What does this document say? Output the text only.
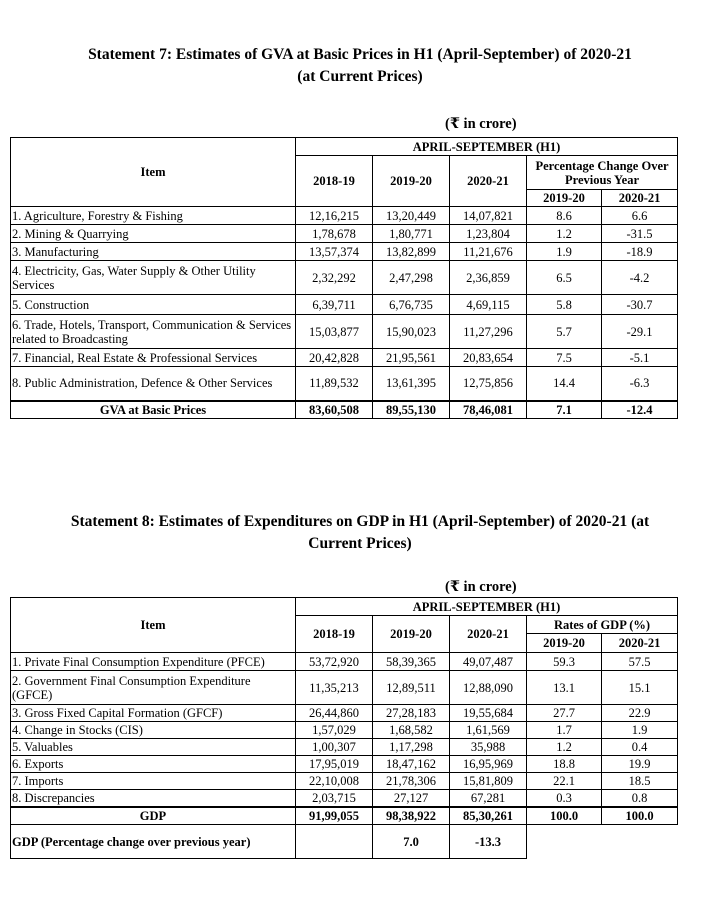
Statement 7: Estimates of GVA at Basic Prices in H1 (April-September) of 2020-21
(at Current Prices)
(₹ in crore)
Item	APRIL-SEPTEMBER (H1)				
	2018-19	2019-20	2020-21	Percentage Change Over Previous Year	
				2019-20	2020-21
1. Agriculture, Forestry & Fishing	12,16,215	13,20,449	14,07,821	8.6	6.6
2. Mining & Quarrying	1,78,678	1,80,771	1,23,804	1.2	-31.5
3. Manufacturing	13,57,374	13,82,899	11,21,676	1.9	-18.9
4. Electricity, Gas, Water Supply & Other Utility Services	2,32,292	2,47,298	2,36,859	6.5	-4.2
5. Construction	6,39,711	6,76,735	4,69,115	5.8	-30.7
6. Trade, Hotels, Transport, Communication & Services related to Broadcasting	15,03,877	15,90,023	11,27,296	5.7	-29.1
7. Financial, Real Estate & Professional Services	20,42,828	21,95,561	20,83,654	7.5	-5.1
8. Public Administration, Defence & Other Services	11,89,532	13,61,395	12,75,856	14.4	-6.3
GVA at Basic Prices	83,60,508	89,55,130	78,46,081	7.1	-12.4
Statement 8: Estimates of Expenditures on GDP in H1 (April-September) of 2020-21 (at
Current Prices)
(₹ in crore)
Item	APRIL-SEPTEMBER (H1)				
	2018-19	2019-20	2020-21	Rates of GDP (%)	
				2019-20	2020-21
1. Private Final Consumption Expenditure (PFCE)	53,72,920	58,39,365	49,07,487	59.3	57.5
2. Government Final Consumption Expenditure (GFCE)	11,35,213	12,89,511	12,88,090	13.1	15.1
3. Gross Fixed Capital Formation (GFCF)	26,44,860	27,28,183	19,55,684	27.7	22.9
4. Change in Stocks (CIS)	1,57,029	1,68,582	1,61,569	1.7	1.9
5. Valuables	1,00,307	1,17,298	35,988	1.2	0.4
6. Exports	17,95,019	18,47,162	16,95,969	18.8	19.9
7. Imports	22,10,008	21,78,306	15,81,809	22.1	18.5
8. Discrepancies	2,03,715	27,127	67,281	0.3	0.8
GDP	91,99,055	98,38,922	85,30,261	100.0	100.0
GDP (Percentage change over previous year)		7.0	-13.3		
